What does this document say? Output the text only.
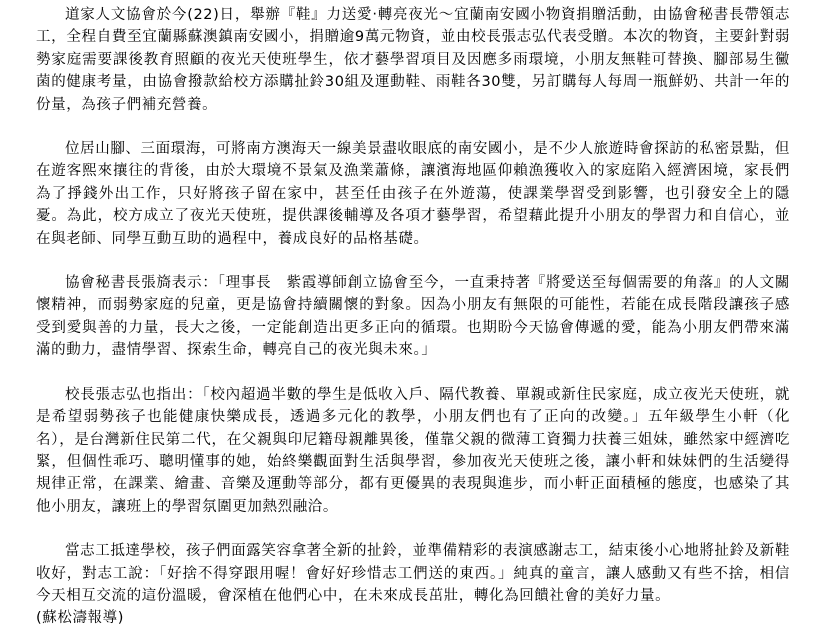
道家人文協會於今(22)日，舉辦『鞋』力送愛‧轉亮夜光～宜蘭南安國小物資捐贈活動，由協會秘書長帶領志工，全程自費至宜蘭縣蘇澳鎮南安國小，捐贈逾9萬元物資，並由校長張志弘代表受贈。本次的物資，主要針對弱勢家庭需要課後教育照顧的夜光天使班學生，依才藝學習項目及因應多雨環境，小朋友無鞋可替換、腳部易生黴菌的健康考量，由協會撥款給校方添購扯鈴30組及運動鞋、雨鞋各30雙，另訂購每人每周一瓶鮮奶、共計一年的份量，為孩子們補充營養。

位居山腳、三面環海，可將南方澳海天一線美景盡收眼底的南安國小，是不少人旅遊時會探訪的私密景點，但在遊客熙來攘往的背後，由於大環境不景氣及漁業蕭條，讓濱海地區仰賴漁獲收入的家庭陷入經濟困境，家長們為了掙錢外出工作，只好將孩子留在家中，甚至任由孩子在外遊蕩，使課業學習受到影響，也引發安全上的隱憂。為此，校方成立了夜光天使班，提供課後輔導及各項才藝學習，希望藉此提升小朋友的學習力和自信心，並在與老師、同學互動互助的過程中，養成良好的品格基礎。

協會秘書長張旖表示：「理事長　紫霞導師創立協會至今，一直秉持著『將愛送至每個需要的角落』的人文關懷精神，而弱勢家庭的兒童，更是協會持續關懷的對象。因為小朋友有無限的可能性，若能在成長階段讓孩子感受到愛與善的力量，長大之後，一定能創造出更多正向的循環。也期盼今天協會傳遞的愛，能為小朋友們帶來滿滿的動力，盡情學習、探索生命，轉亮自己的夜光與未來。」

校長張志弘也指出：「校內超過半數的學生是低收入戶、隔代教養、單親或新住民家庭，成立夜光天使班，就是希望弱勢孩子也能健康快樂成長，透過多元化的教學，小朋友們也有了正向的改變。」五年級學生小軒（化名），是台灣新住民第二代，在父親與印尼籍母親離異後，僅靠父親的微薄工資獨力扶養三姐妹，雖然家中經濟吃緊，但個性乖巧、聰明懂事的她，始終樂觀面對生活與學習，參加夜光天使班之後，讓小軒和妹妹們的生活變得規律正常，在課業、繪畫、音樂及運動等部分，都有更優異的表現與進步，而小軒正面積極的態度，也感染了其他小朋友，讓班上的學習氛圍更加熱烈融洽。

當志工抵達學校，孩子們面露笑容拿著全新的扯鈴，並準備精彩的表演感謝志工，結束後小心地將扯鈴及新鞋收好，對志工說：「好捨不得穿跟用喔！會好好珍惜志工們送的東西。」純真的童言，讓人感動又有些不捨，相信今天相互交流的這份溫暖，會深植在他們心中，在未來成長茁壯，轉化為回饋社會的美好力量。

(蘇松濤報導)
